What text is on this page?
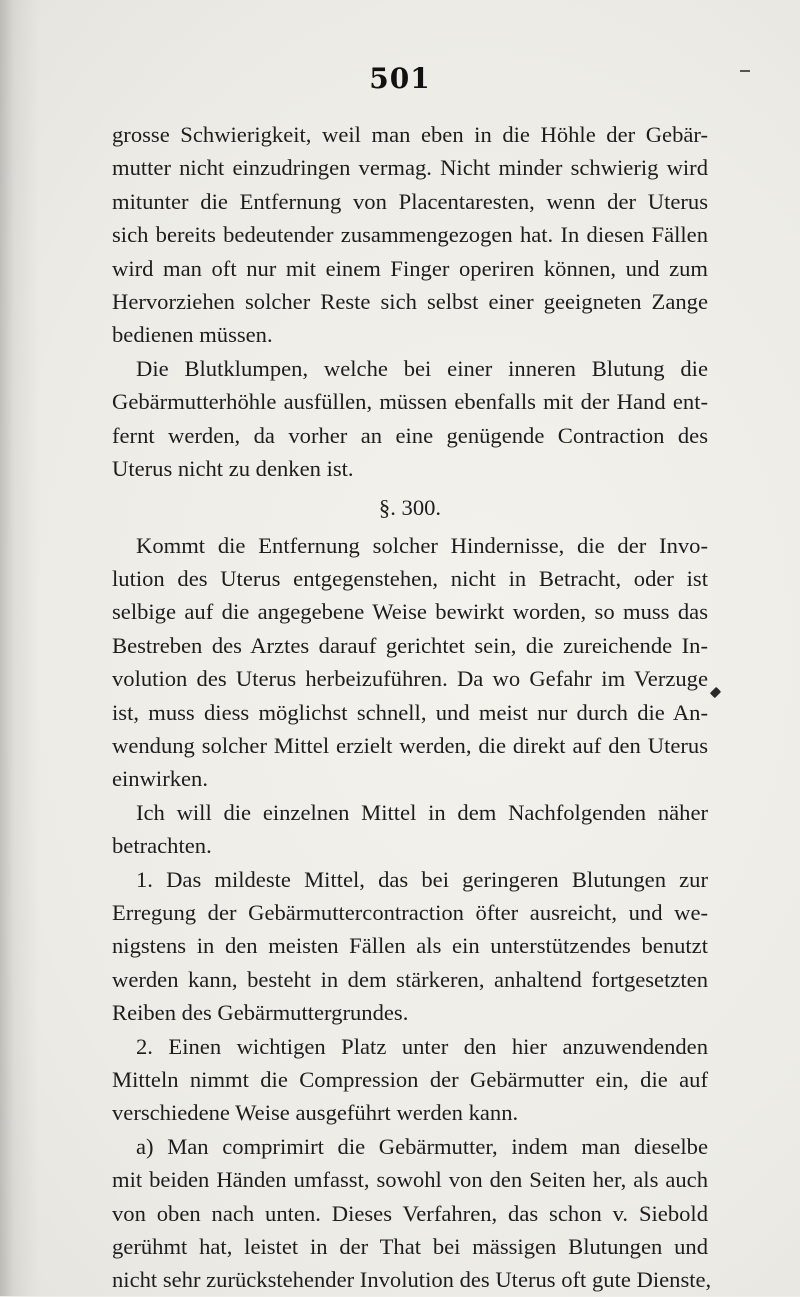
501
grosse Schwierigkeit, weil man eben in die Höhle der Gebär-
mutter nicht einzudringen vermag. Nicht minder schwierig wird
mitunter die Entfernung von Placentaresten, wenn der Uterus
sich bereits bedeutender zusammengezogen hat. In diesen Fällen
wird man oft nur mit einem Finger operiren können, und zum
Hervorziehen solcher Reste sich selbst einer geeigneten Zange
bedienen müssen.
Die Blutklumpen, welche bei einer inneren Blutung die
Gebärmutterhöhle ausfüllen, müssen ebenfalls mit der Hand ent-
fernt werden, da vorher an eine genügende Contraction des
Uterus nicht zu denken ist.
§. 300.
Kommt die Entfernung solcher Hindernisse, die der Invo-
lution des Uterus entgegenstehen, nicht in Betracht, oder ist
selbige auf die angegebene Weise bewirkt worden, so muss das
Bestreben des Arztes darauf gerichtet sein, die zureichende In-
volution des Uterus herbeizuführen. Da wo Gefahr im Verzuge
ist, muss diess möglichst schnell, und meist nur durch die An-
wendung solcher Mittel erzielt werden, die direkt auf den Uterus
einwirken.
Ich will die einzelnen Mittel in dem Nachfolgenden näher
betrachten.
1. Das mildeste Mittel, das bei geringeren Blutungen zur
Erregung der Gebärmuttercontraction öfter ausreicht, und we-
nigstens in den meisten Fällen als ein unterstützendes benutzt
werden kann, besteht in dem stärkeren, anhaltend fortgesetzten
Reiben des Gebärmuttergrundes.
2. Einen wichtigen Platz unter den hier anzuwendenden
Mitteln nimmt die Compression der Gebärmutter ein, die auf
verschiedene Weise ausgeführt werden kann.
a) Man comprimirt die Gebärmutter, indem man dieselbe
mit beiden Händen umfasst, sowohl von den Seiten her, als auch
von oben nach unten. Dieses Verfahren, das schon v. Siebold
gerühmt hat, leistet in der That bei mässigen Blutungen und
nicht sehr zurückstehender Involution des Uterus oft gute Dienste,
